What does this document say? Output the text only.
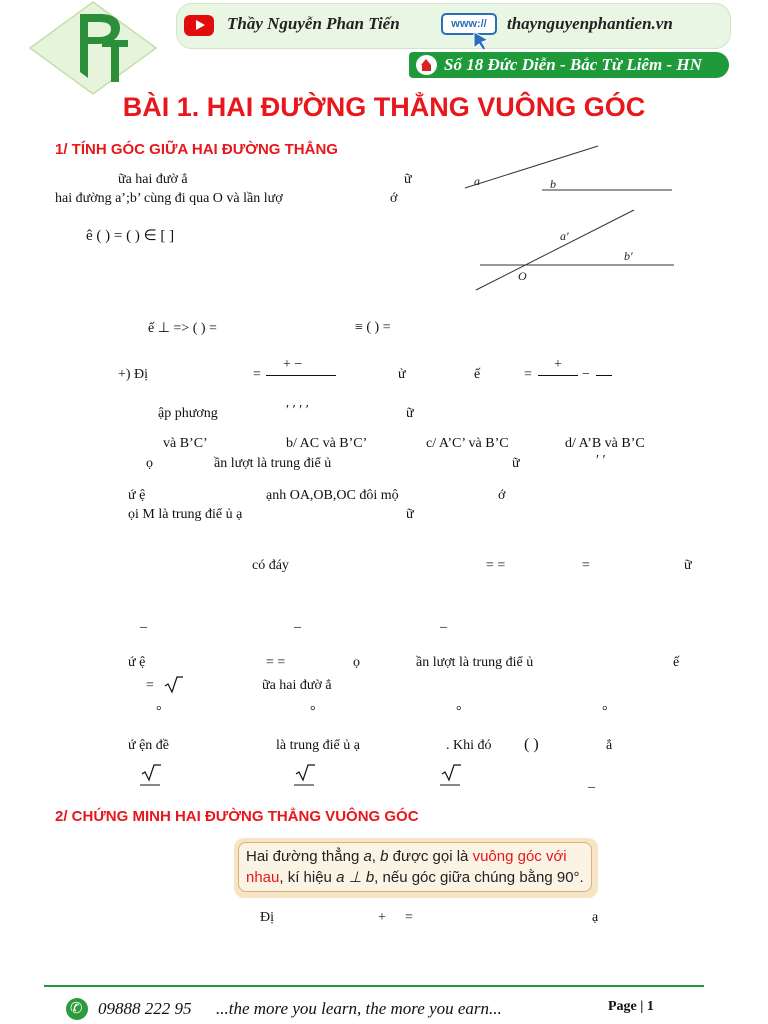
Thầy Nguyễn Phan Tiến	www://	thaynguyenphantien.vn
Số 18 Đức Diễn - Bắc Từ Liêm - HN
BÀI 1. HAI ĐƯỜNG THẲNG VUÔNG GÓC
1/ TÍNH GÓC GIỮA HAI ĐƯỜNG THẲNG
ữa hai đườ ẳ	ữ
hai đường a’;b’ cùng đi qua O và lần lượ	ớ
ê ( ) = ( ) ∈ [ ]
a	b
a′
b′
O
ế ⊥ => ( ) =	≡ ( ) =
+) Đị	=
+ −
ử	ế	=
+
−
ập phương	′ ′ ′ ′	ữ
và B’C’	b/ AC và B’C’	c/ A’C’ và B’C	d/ A’B và B’C
ọ	ần lượt là trung điể ủ	ữ	′ ′
ứ ệ	ạnh OA,OB,OC đôi mộ	ớ
ọi M là trung điể ủ ạ	ữ
có đáy	= =	=	ữ
_	_	_
ứ ệ	= =	ọ	ần lượt là trung điể ủ	ế
=	ữa hai đườ ẳ
°	°	°	°
ứ ện đề	là trung điể ủ ạ	. Khi đó ( )	ẳ
_
2/ CHỨNG MINH HAI ĐƯỜNG THẲNG VUÔNG GÓC
Hai đường thẳng a, b được gọi là vuông góc với nhau, kí hiệu a ⊥ b, nếu góc giữa chúng bằng 90°.
Đị	+ =	ạ
✆
09888 222 95 ...the more you learn, the more you earn...	Page | 1
